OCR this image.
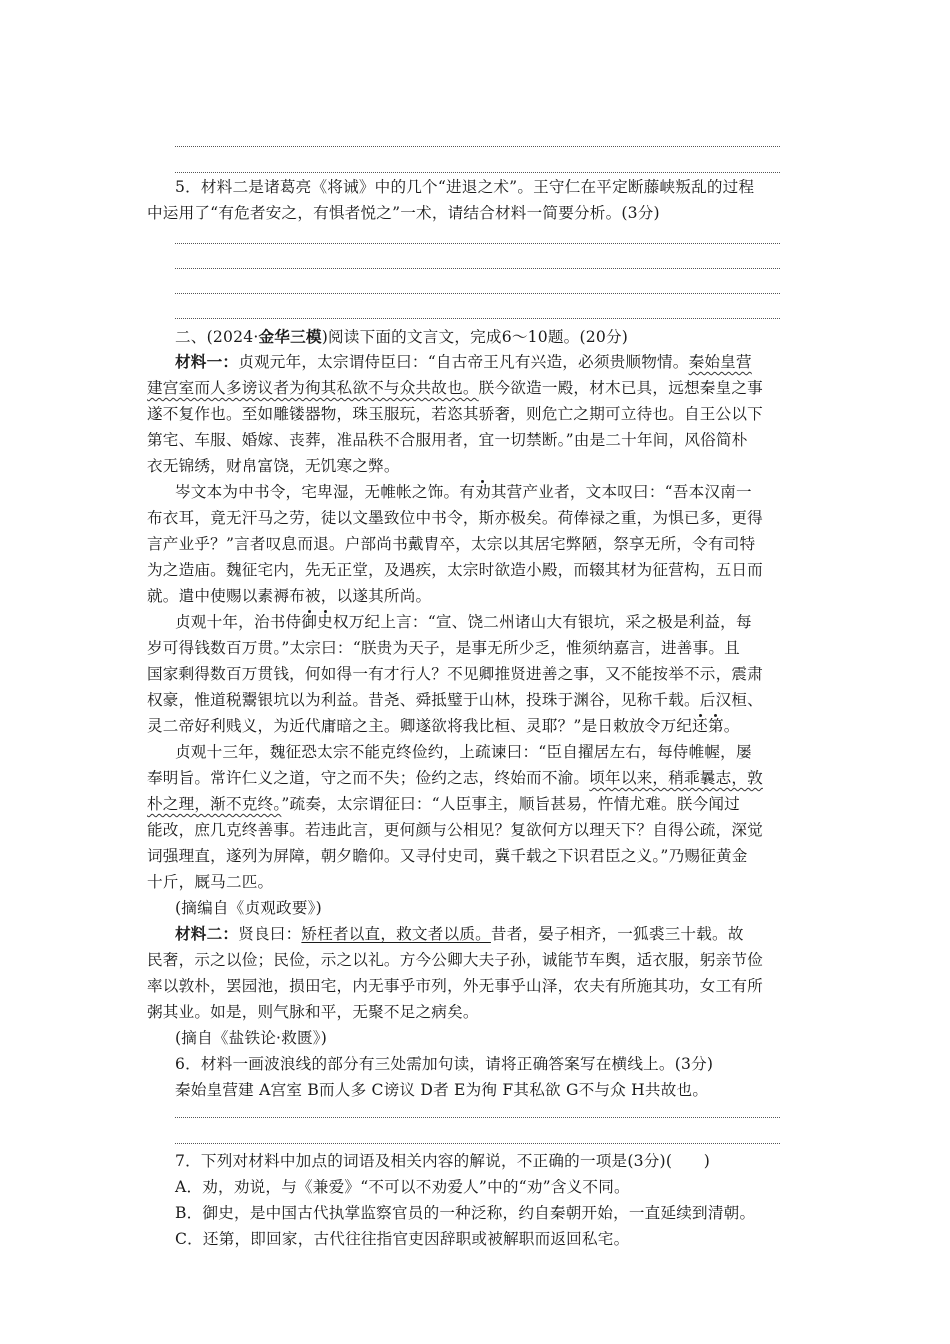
5．材料二是诸葛亮《将诫》中的几个“进退之术”。王守仁在平定断藤峡叛乱的过程
中运用了“有危者安之，有惧者悦之”一术，请结合材料一简要分析。(3分)
二、(2024·金华三模)阅读下面的文言文，完成6～10题。(20分)
材料一：贞观元年，太宗谓侍臣曰：“自古帝王凡有兴造，必须贵顺物情。秦始皇营
建宫室而人多谤议者为徇其私欲不与众共故也。朕今欲造一殿，材木已具，远想秦皇之事
遂不复作也。至如雕镂器物，珠玉服玩，若恣其骄奢，则危亡之期可立待也。自王公以下
第宅、车服、婚嫁、丧葬，准品秩不合服用者，宜一切禁断。”由是二十年间，风俗简朴
衣无锦绣，财帛富饶，无饥寒之弊。
岑文本为中书令，宅卑湿，无帷帐之饰。有劝其营产业者，文本叹曰：“吾本汉南一
布衣耳，竟无汗马之劳，徒以文墨致位中书令，斯亦极矣。荷俸禄之重，为惧已多，更得
言产业乎？”言者叹息而退。户部尚书戴胄卒，太宗以其居宅弊陋，祭享无所，令有司特
为之造庙。魏征宅内，先无正堂，及遇疾，太宗时欲造小殿，而辍其材为征营构，五日而
就。遣中使赐以素褥布被，以遂其所尚。
贞观十年，治书侍御史权万纪上言：“宣、饶二州诸山大有银坑，采之极是利益，每
岁可得钱数百万贯。”太宗曰：“朕贵为天子，是事无所少乏，惟须纳嘉言，进善事。且
国家剩得数百万贯钱，何如得一有才行人？不见卿推贤进善之事，又不能按举不示，震肃
权豪，惟道税鬻银坑以为利益。昔尧、舜抵璧于山林，投珠于渊谷，见称千载。后汉桓、
灵二帝好利贱义，为近代庸暗之主。卿遂欲将我比桓、灵耶？”是日敕放令万纪还第。
贞观十三年，魏征恐太宗不能克终俭约，上疏谏曰：“臣自擢居左右，每侍帷幄，屡
奉明旨。常许仁义之道，守之而不失；俭约之志，终始而不渝。顷年以来，稍乖曩志，敦
朴之理，渐不克终。”疏奏，太宗谓征曰：“人臣事主，顺旨甚易，忤情尤难。朕今闻过
能改，庶几克终善事。若违此言，更何颜与公相见？复欲何方以理天下？自得公疏，深觉
词强理直，遂列为屏障，朝夕瞻仰。又寻付史司，冀千载之下识君臣之义。”乃赐征黄金
十斤，厩马二匹。
(摘编自《贞观政要》)
材料二：贤良曰：矫枉者以直，救文者以质。昔者，晏子相齐，一狐裘三十载。故
民奢，示之以俭；民俭，示之以礼。方今公卿大夫子孙，诚能节车舆，适衣服，躬亲节俭
率以敦朴，罢园池，损田宅，内无事乎市列，外无事乎山泽，农夫有所施其功，女工有所
粥其业。如是，则气脉和平，无聚不足之病矣。
(摘自《盐铁论·救匮》)
6．材料一画波浪线的部分有三处需加句读，请将正确答案写在横线上。(3分)
秦始皇营建 A宫室 B而人多 C谤议 D者 E为徇 F其私欲 G不与众 H共故也。
7．下列对材料中加点的词语及相关内容的解说，不正确的一项是(3分)(　　)
A．劝，劝说，与《兼爱》“不可以不劝爱人”中的“劝”含义不同。
B．御史，是中国古代执掌监察官员的一种泛称，约自秦朝开始，一直延续到清朝。
C．还第，即回家，古代往往指官吏因辞职或被解职而返回私宅。
